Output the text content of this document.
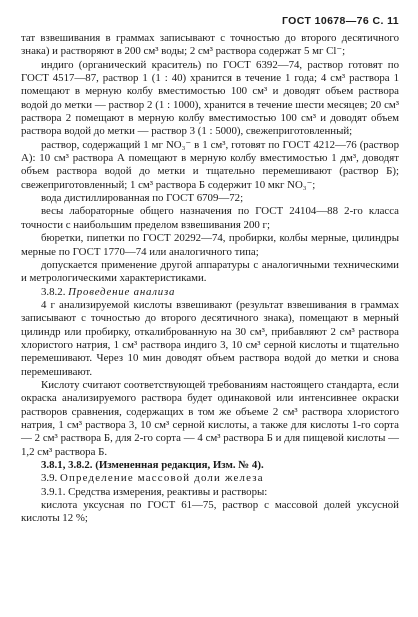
ГОСТ 10678—76 С. 11

тат взвешивания в граммах записывают с точностью до второго десятичного знака) и растворяют в 200 см³ воды; 2 см³ раствора содержат 5 мг Cl⁻;

индиго (органический краситель) по ГОСТ 6392—74, раствор готовят по ГОСТ 4517—87, раствор 1 (1 : 40) хранится в течение 1 года; 4 см³ раствора 1 помещают в мерную колбу вместимостью 100 см³ и доводят объем раствора водой до метки — раствор 2 (1 : 1000), хранится в течение шести месяцев; 20 см³ раствора 2 помещают в мерную колбу вместимостью 100 см³ и доводят объем раствора водой до метки — раствор 3 (1 : 5000), свежеприготовленный;

раствор, содержащий 1 мг NO₃⁻ в 1 см³, готовят по ГОСТ 4212—76 (раствор А): 10 см³ раствора А помещают в мерную колбу вместимостью 1 дм³, доводят объем раствора водой до метки и тщательно перемешивают (раствор Б); свежеприготовленный; 1 см³ раствора Б содержит 10 мкг NO₃⁻;

вода дистиллированная по ГОСТ 6709—72;

весы лабораторные общего назначения по ГОСТ 24104—88 2-го класса точности с наибольшим пределом взвешивания 200 г;

бюретки, пипетки по ГОСТ 20292—74, пробирки, колбы мерные, цилиндры мерные по ГОСТ 1770—74 или аналогичного типа;

допускается применение другой аппаратуры с аналогичными техническими и метрологическими характеристиками.

3.8.2. Проведение анализа

4 г анализируемой кислоты взвешивают (результат взвешивания в граммах записывают с точностью до второго десятичного знака), помещают в мерный цилиндр или пробирку, откалиброванную на 30 см³, прибавляют 2 см³ раствора хлористого натрия, 1 см³ раствора индиго 3, 10 см³ серной кислоты и тщательно перемешивают. Через 10 мин доводят объем раствора водой до метки и снова перемешивают.

Кислоту считают соответствующей требованиям настоящего стандарта, если окраска анализируемого раствора будет одинаковой или интенсивнее окраски растворов сравнения, содержащих в том же объеме 2 см³ раствора хлористого натрия, 1 см³ раствора 3, 10 см³ серной кислоты, а также для кислоты 1-го сорта — 2 см³ раствора Б, для 2-го сорта — 4 см³ раствора Б и для пищевой кислоты — 1,2 см³ раствора Б.

3.8.1, 3.8.2. (Измененная редакция, Изм. № 4).

3.9. Определение массовой доли железа

3.9.1. Средства измерения, реактивы и растворы:

кислота уксусная по ГОСТ 61—75, раствор с массовой долей уксусной кислоты 12 %;
